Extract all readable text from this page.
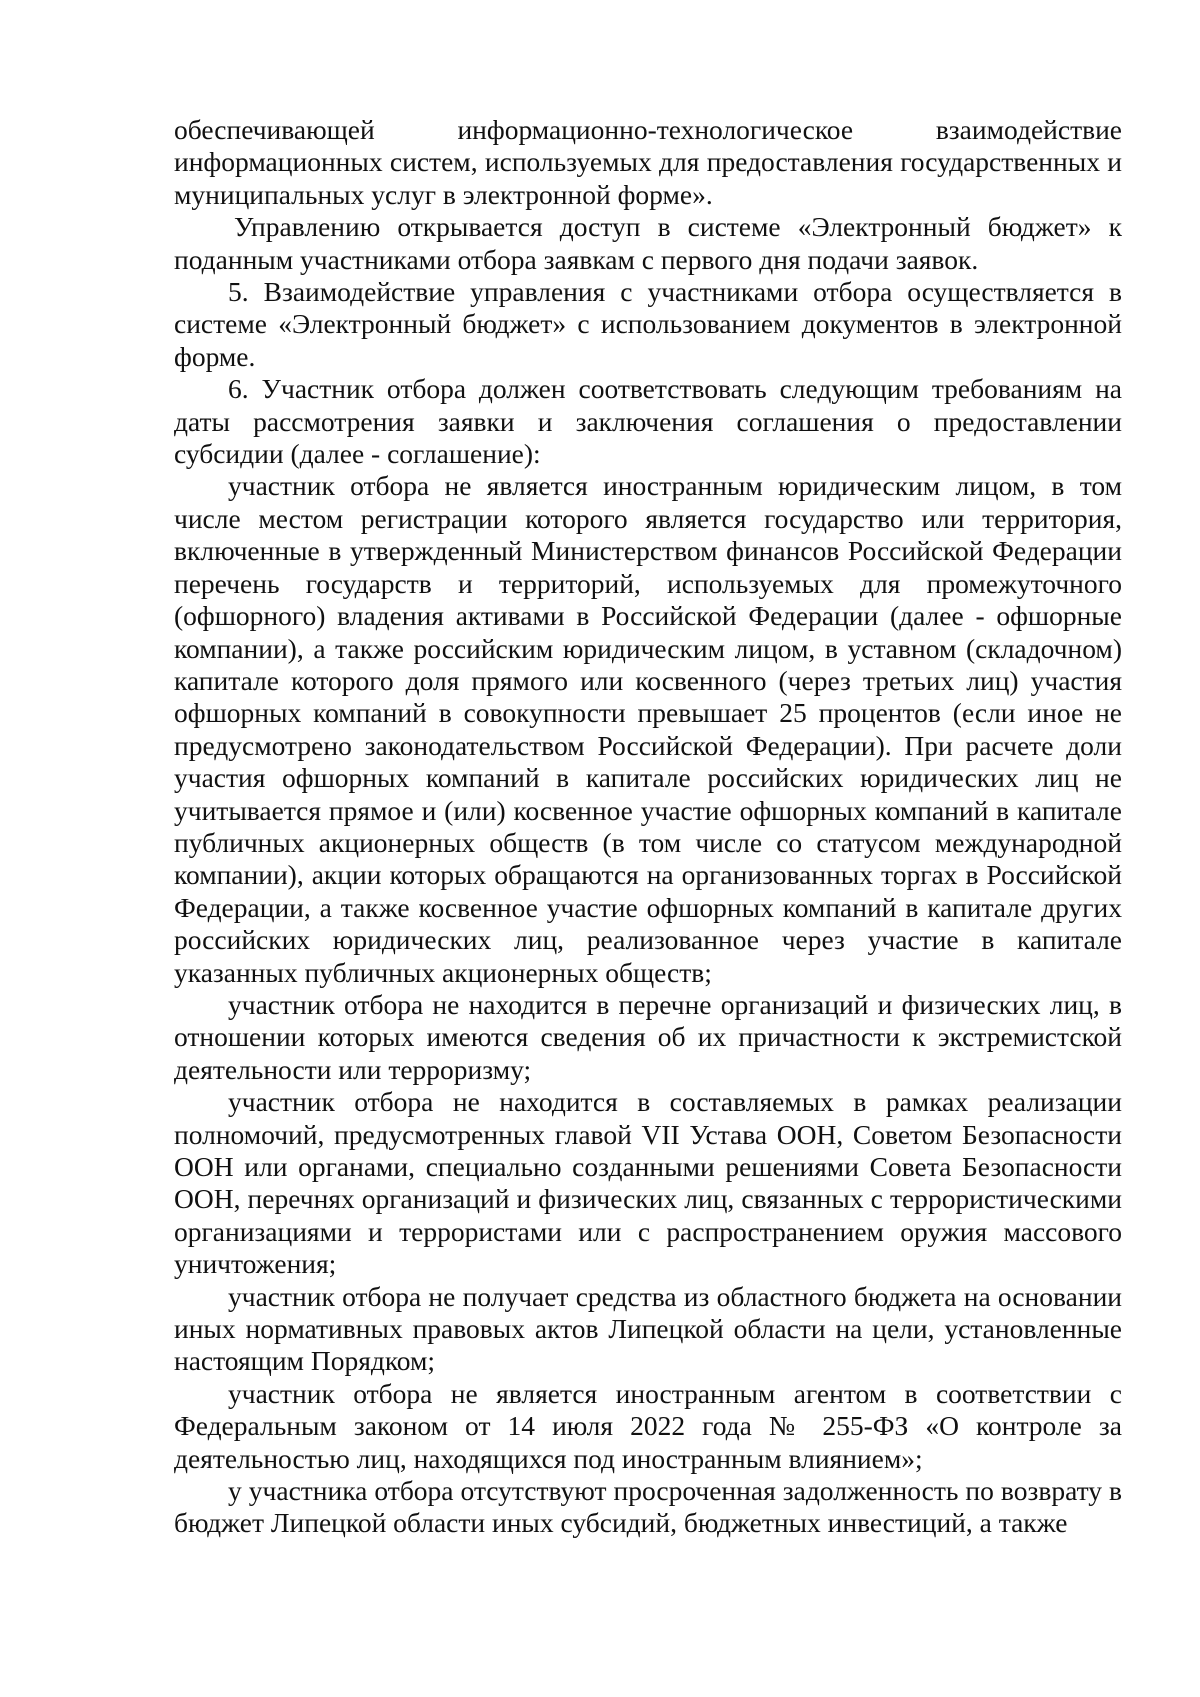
обеспечивающей информационно-технологическое взаимодействие информационных систем, используемых для предоставления государственных и муниципальных услуг в электронной форме».

Управлению открывается доступ в системе «Электронный бюджет» к поданным участниками отбора заявкам с первого дня подачи заявок.

5. Взаимодействие управления с участниками отбора осуществляется в системе «Электронный бюджет» с использованием документов в электронной форме.

6. Участник отбора должен соответствовать следующим требованиям на даты рассмотрения заявки и заключения соглашения о предоставлении субсидии (далее - соглашение):

участник отбора не является иностранным юридическим лицом, в том числе местом регистрации которого является государство или территория, включенные в утвержденный Министерством финансов Российской Федерации перечень государств и территорий, используемых для промежуточного (офшорного) владения активами в Российской Федерации (далее - офшорные компании), а также российским юридическим лицом, в уставном (складочном) капитале которого доля прямого или косвенного (через третьих лиц) участия офшорных компаний в совокупности превышает 25 процентов (если иное не предусмотрено законодательством Российской Федерации). При расчете доли участия офшорных компаний в капитале российских юридических лиц не учитывается прямое и (или) косвенное участие офшорных компаний в капитале публичных акционерных обществ (в том числе со статусом международной компании), акции которых обращаются на организованных торгах в Российской Федерации, а также косвенное участие офшорных компаний в капитале других российских юридических лиц, реализованное через участие в капитале указанных публичных акционерных обществ;

участник отбора не находится в перечне организаций и физических лиц, в отношении которых имеются сведения об их причастности к экстремистской деятельности или терроризму;

участник отбора не находится в составляемых в рамках реализации полномочий, предусмотренных главой VII Устава ООН, Советом Безопасности ООН или органами, специально созданными решениями Совета Безопасности ООН, перечнях организаций и физических лиц, связанных с террористическими организациями и террористами или с распространением оружия массового уничтожения;

участник отбора не получает средства из областного бюджета на основании иных нормативных правовых актов Липецкой области на цели, установленные настоящим Порядком;

участник отбора не является иностранным агентом в соответствии с Федеральным законом от 14 июля 2022 года № 255-ФЗ «О контроле за деятельностью лиц, находящихся под иностранным влиянием»;

у участника отбора отсутствуют просроченная задолженность по возврату в бюджет Липецкой области иных субсидий, бюджетных инвестиций, а также
